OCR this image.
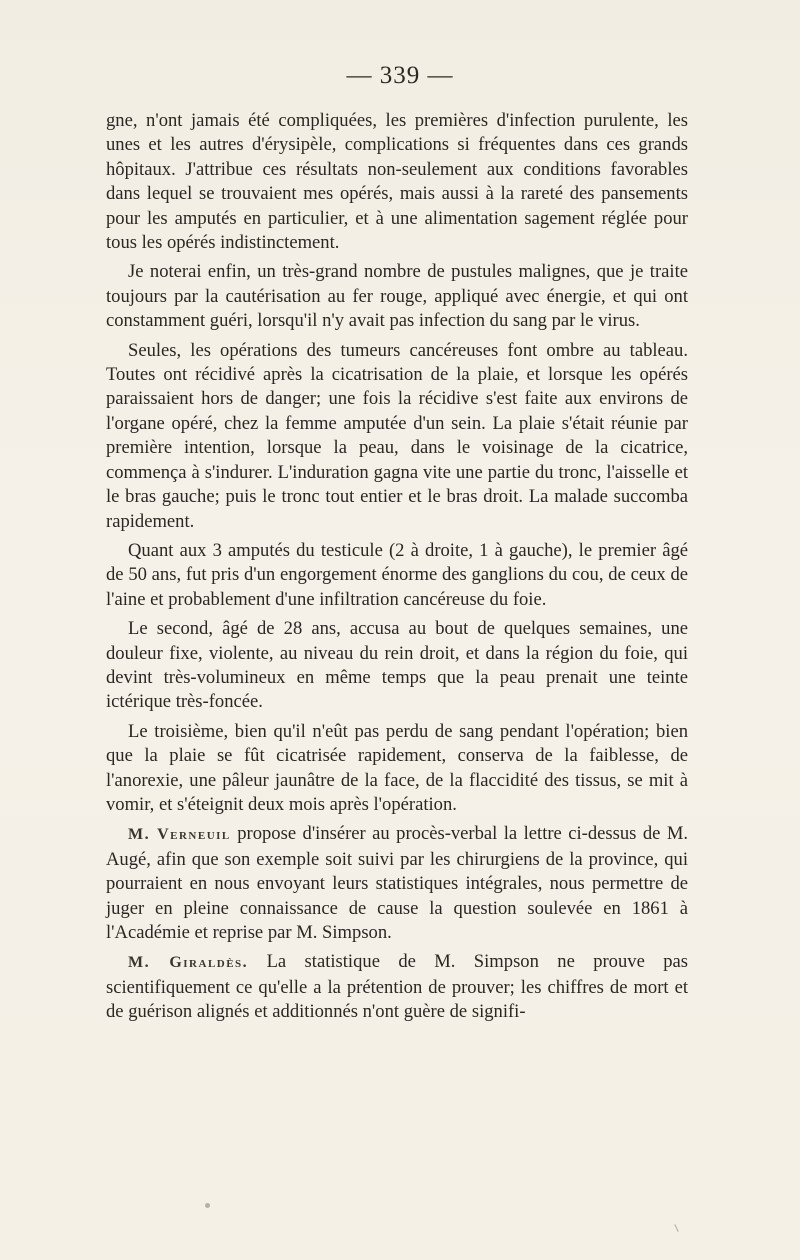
— 339 —

gne, n'ont jamais été compliquées, les premières d'infection purulente, les unes et les autres d'érysipèle, complications si fréquentes dans ces grands hôpitaux. J'attribue ces résultats non-seulement aux conditions favorables dans lequel se trouvaient mes opérés, mais aussi à la rareté des pansements pour les amputés en particulier, et à une alimentation sagement réglée pour tous les opérés indistinctement.

Je noterai enfin, un très-grand nombre de pustules malignes, que je traite toujours par la cautérisation au fer rouge, appliqué avec énergie, et qui ont constamment guéri, lorsqu'il n'y avait pas infection du sang par le virus.

Seules, les opérations des tumeurs cancéreuses font ombre au tableau. Toutes ont récidivé après la cicatrisation de la plaie, et lorsque les opérés paraissaient hors de danger; une fois la récidive s'est faite aux environs de l'organe opéré, chez la femme amputée d'un sein. La plaie s'était réunie par première intention, lorsque la peau, dans le voisinage de la cicatrice, commença à s'indurer. L'induration gagna vite une partie du tronc, l'aisselle et le bras gauche; puis le tronc tout entier et le bras droit. La malade succomba rapidement.

Quant aux 3 amputés du testicule (2 à droite, 1 à gauche), le premier âgé de 50 ans, fut pris d'un engorgement énorme des ganglions du cou, de ceux de l'aine et probablement d'une infiltration cancéreuse du foie.

Le second, âgé de 28 ans, accusa au bout de quelques semaines, une douleur fixe, violente, au niveau du rein droit, et dans la région du foie, qui devint très-volumineux en même temps que la peau prenait une teinte ictérique très-foncée.

Le troisième, bien qu'il n'eût pas perdu de sang pendant l'opération; bien que la plaie se fût cicatrisée rapidement, conserva de la faiblesse, de l'anorexie, une pâleur jaunâtre de la face, de la flaccidité des tissus, se mit à vomir, et s'éteignit deux mois après l'opération.

M. Verneuil propose d'insérer au procès-verbal la lettre ci-dessus de M. Augé, afin que son exemple soit suivi par les chirurgiens de la province, qui pourraient en nous envoyant leurs statistiques intégrales, nous permettre de juger en pleine connaissance de cause la question soulevée en 1861 à l'Académie et reprise par M. Simpson.

M. Giraldès. La statistique de M. Simpson ne prouve pas scientifiquement ce qu'elle a la prétention de prouver; les chiffres de mort et de guérison alignés et additionnés n'ont guère de signifi-
